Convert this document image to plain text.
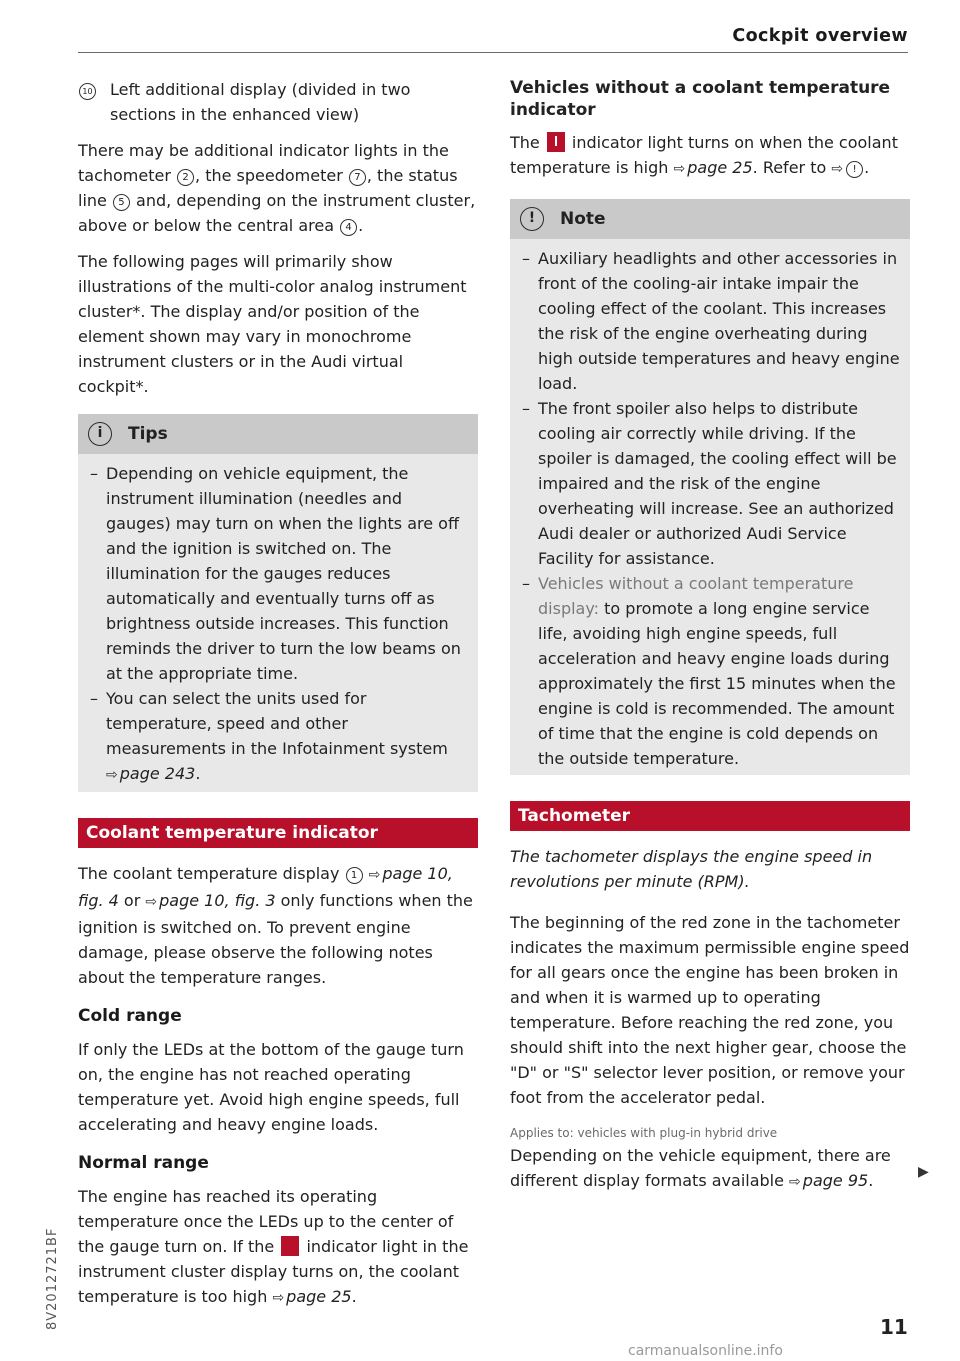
Cockpit overview
10	Left additional display (divided in two sections in the enhanced view)

There may be additional indicator lights in the tachometer 2 , the speedometer 7 , the status line 5 and, depending on the instrument cluster, above or below the central area 4 .

The following pages will primarily show illustrations of the multi-color analog instrument cluster*. The display and/or position of the element shown may vary in monochrome instrument clusters or in the Audi virtual cockpit*.

i	Tips
– Depending on vehicle equipment, the instrument illumination (needles and gauges) may turn on when the lights are off and the ignition is switched on. The illumination for the gauges reduces automatically and eventually turns off as brightness outside increases. This function reminds the driver to turn the low beams on at the appropriate time.
– You can select the units used for temperature, speed and other measurements in the Infotainment system ⇨ page 243.
Coolant temperature indicator

The coolant temperature display 1 ⇨ page 10, fig. 4 or ⇨ page 10, fig. 3 only functions when the ignition is switched on. To prevent engine damage, please observe the following notes about the temperature ranges.

Cold range

If only the LEDs at the bottom of the gauge turn on, the engine has not reached operating temperature yet. Avoid high engine speeds, full accelerating and heavy engine loads.

Normal range

The engine has reached its operating temperature once the LEDs up to the center of the gauge turn on. If the  indicator light in the instrument cluster display turns on, the coolant temperature is too high ⇨ page 25.

Vehicles without a coolant temperature indicator

The  indicator light turns on when the coolant temperature is high ⇨ page 25. Refer to ⇨ ! .

!	Note
– Auxiliary headlights and other accessories in front of the cooling-air intake impair the cooling effect of the coolant. This increases the risk of the engine overheating during high outside temperatures and heavy engine load.
– The front spoiler also helps to distribute cooling air correctly while driving. If the spoiler is damaged, the cooling effect will be impaired and the risk of the engine overheating will increase. See an authorized Audi dealer or authorized Audi Service Facility for assistance.
– Vehicles without a coolant temperature display: to promote a long engine service life, avoiding high engine speeds, full acceleration and heavy engine loads during approximately the first 15 minutes when the engine is cold is recommended. The amount of time that the engine is cold depends on the outside temperature.
Tachometer

The tachometer displays the engine speed in revolutions per minute (RPM).

The beginning of the red zone in the tachometer indicates the maximum permissible engine speed for all gears once the engine has been broken in and when it is warmed up to operating temperature. Before reaching the red zone, you should shift into the next higher gear, choose the "D" or "S" selector lever position, or remove your foot from the accelerator pedal.

Applies to: vehicles with plug-in hybrid drive

Depending on the vehicle equipment, there are different display formats available ⇨ page 95.	▶
8V2012721BF	11
carmanualsonline.info
